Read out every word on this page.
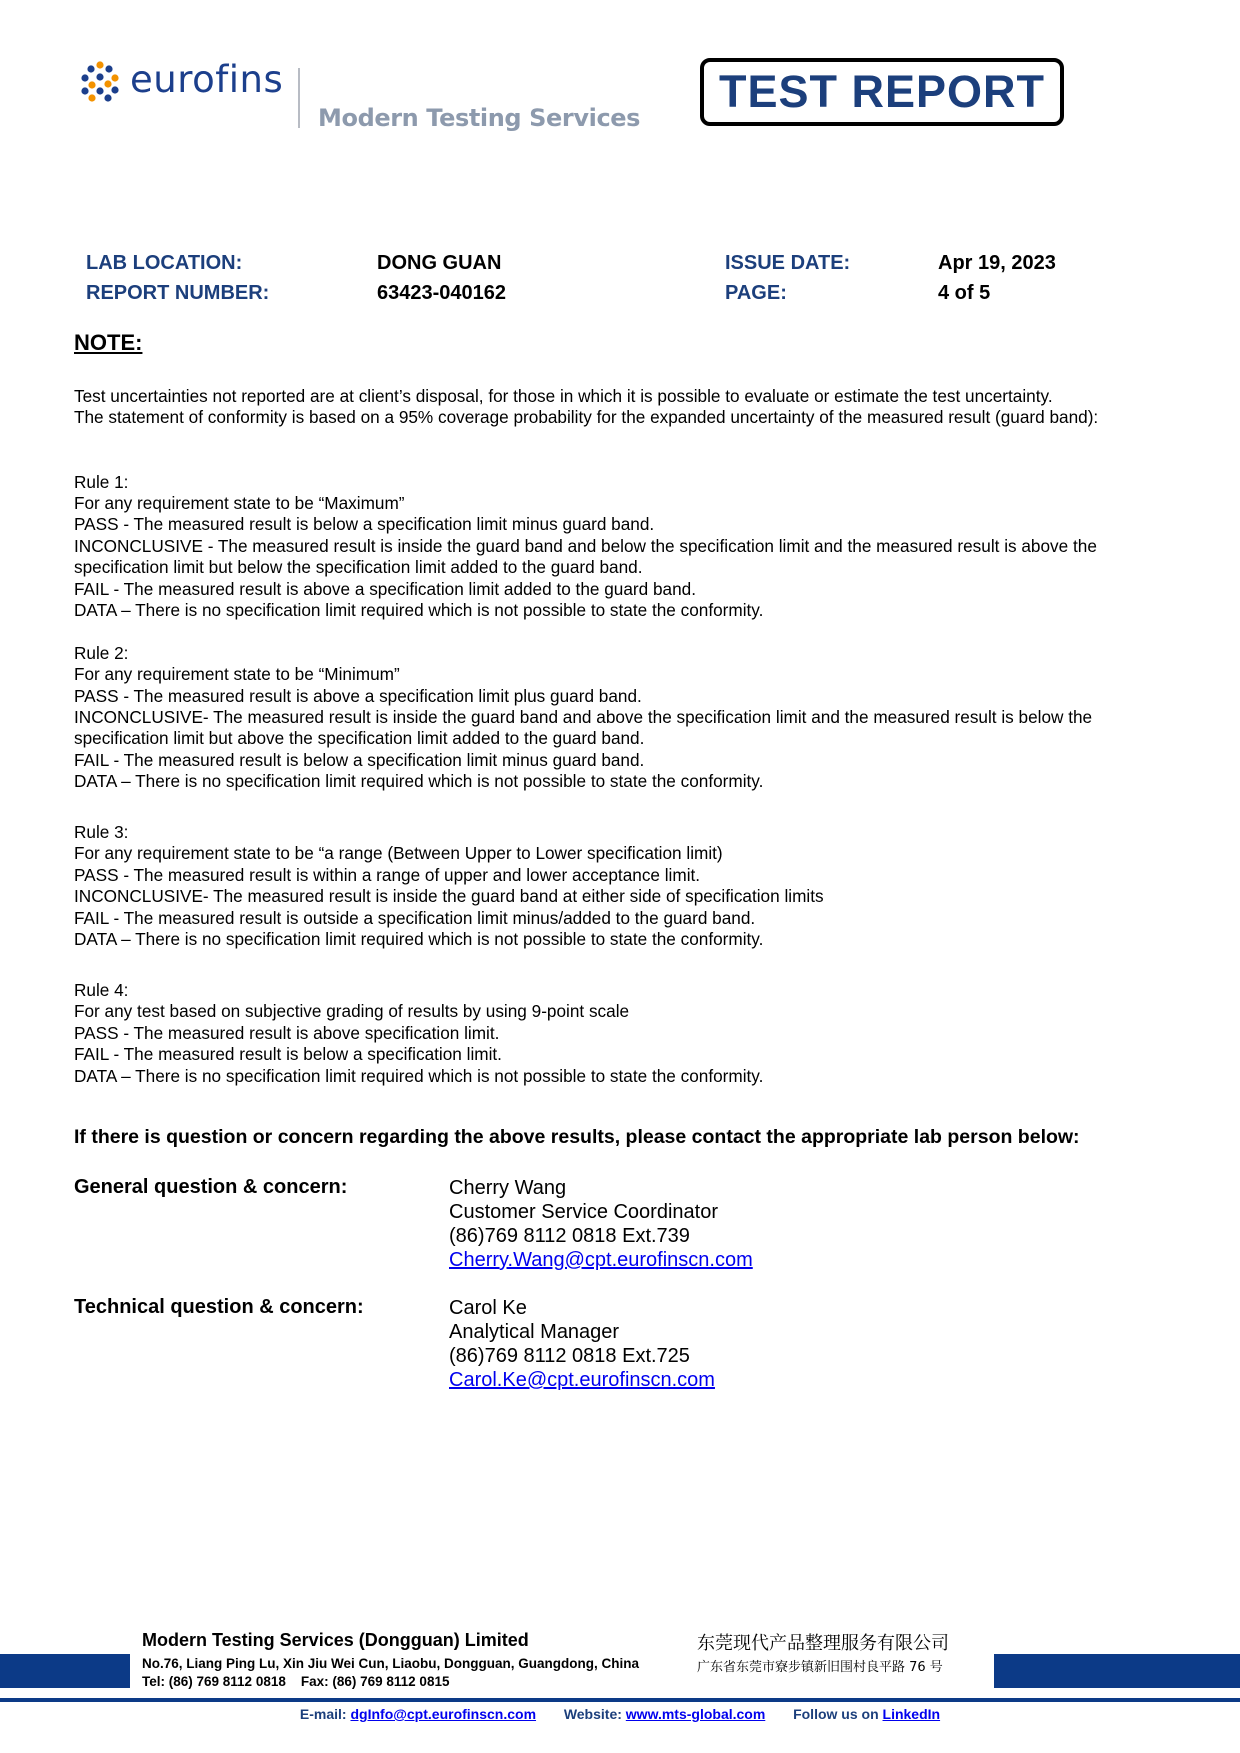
eurofins
Modern Testing Services
TEST REPORT
LAB LOCATION:	DONG GUAN	ISSUE DATE:	Apr 19, 2023
REPORT NUMBER:	63423-040162	PAGE:	4 of 5
NOTE:

Test uncertainties not reported are at client’s disposal, for those in which it is possible to evaluate or estimate the test uncertainty.

The statement of conformity is based on a 95% coverage probability for the expanded uncertainty of the measured result (guard band):

Rule 1:

For any requirement state to be “Maximum”

PASS - The measured result is below a specification limit minus guard band.

INCONCLUSIVE - The measured result is inside the guard band and below the specification limit and the measured result is above the specification limit but below the specification limit added to the guard band.

FAIL - The measured result is above a specification limit added to the guard band.

DATA – There is no specification limit required which is not possible to state the conformity.

Rule 2:

For any requirement state to be “Minimum”

PASS - The measured result is above a specification limit plus guard band.

INCONCLUSIVE- The measured result is inside the guard band and above the specification limit and the measured result is below the specification limit but above the specification limit added to the guard band.

FAIL - The measured result is below a specification limit minus guard band.

DATA – There is no specification limit required which is not possible to state the conformity.

Rule 3:

For any requirement state to be “a range (Between Upper to Lower specification limit)

PASS - The measured result is within a range of upper and lower acceptance limit.

INCONCLUSIVE- The measured result is inside the guard band at either side of specification limits

FAIL - The measured result is outside a specification limit minus/added to the guard band.

DATA – There is no specification limit required which is not possible to state the conformity.

Rule 4:

For any test based on subjective grading of results by using 9-point scale

PASS - The measured result is above specification limit.

FAIL - The measured result is below a specification limit.

DATA – There is no specification limit required which is not possible to state the conformity.

If there is question or concern regarding the above results, please contact the appropriate lab person below:
General question & concern:	Cherry Wang
Customer Service Coordinator
(86)769 8112 0818 Ext.739
Cherry.Wang@cpt.eurofinscn.com
Technical question & concern:	Carol Ke
Analytical Manager
(86)769 8112 0818 Ext.725
Carol.Ke@cpt.eurofinscn.com
Modern Testing Services (Dongguan) Limited
No.76, Liang Ping Lu, Xin Jiu Wei Cun, Liaobu, Dongguan, Guangdong, China
Tel: (86) 769 8112 0818    Fax: (86) 769 8112 0815
东莞现代产品整理服务有限公司
广东省东莞市寮步镇新旧围村良平路 76 号
E-mail: dgInfo@cpt.eurofinscn.com Website: www.mts-global.com Follow us on LinkedIn
